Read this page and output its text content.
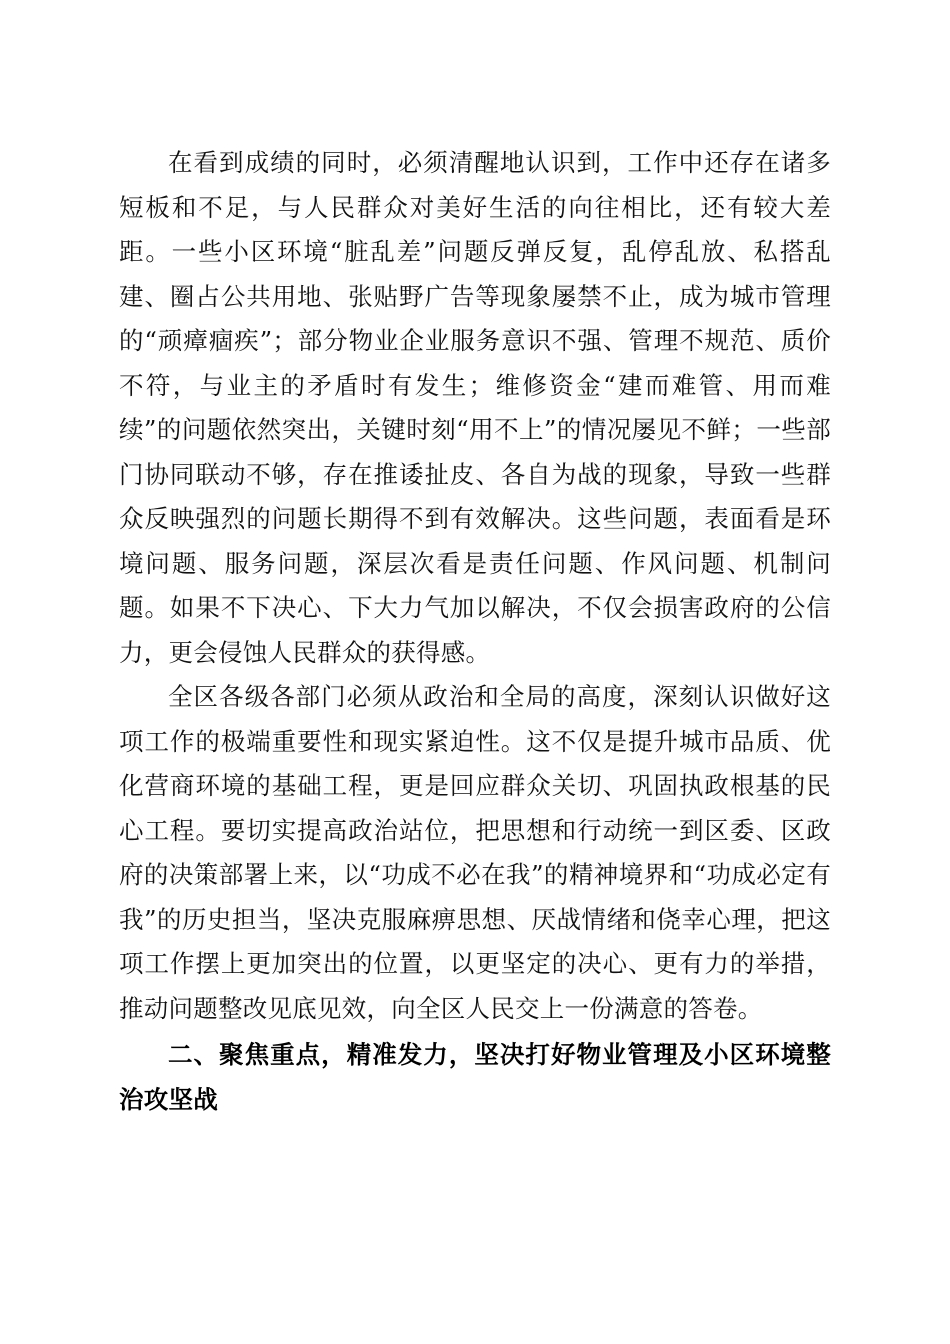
在看到成绩的同时，必须清醒地认识到，工作中还存在诸多短板和不足，与人民群众对美好生活的向往相比，还有较大差距。一些小区环境“脏乱差”问题反弹反复，乱停乱放、私搭乱建、圈占公共用地、张贴野广告等现象屡禁不止，成为城市管理的“顽瘴痼疾”；部分物业企业服务意识不强、管理不规范、质价不符，与业主的矛盾时有发生；维修资金“建而难管、用而难续”的问题依然突出，关键时刻“用不上”的情况屡见不鲜；一些部门协同联动不够，存在推诿扯皮、各自为战的现象，导致一些群众反映强烈的问题长期得不到有效解决。这些问题，表面看是环境问题、服务问题，深层次看是责任问题、作风问题、机制问题。如果不下决心、下大力气加以解决，不仅会损害政府的公信力，更会侵蚀人民群众的获得感。

全区各级各部门必须从政治和全局的高度，深刻认识做好这项工作的极端重要性和现实紧迫性。这不仅是提升城市品质、优化营商环境的基础工程，更是回应群众关切、巩固执政根基的民心工程。要切实提高政治站位，把思想和行动统一到区委、区政府的决策部署上来，以“功成不必在我”的精神境界和“功成必定有我”的历史担当，坚决克服麻痹思想、厌战情绪和侥幸心理，把这项工作摆上更加突出的位置，以更坚定的决心、更有力的举措，推动问题整改见底见效，向全区人民交上一份满意的答卷。

二、聚焦重点，精准发力，坚决打好物业管理及小区环境整治攻坚战
